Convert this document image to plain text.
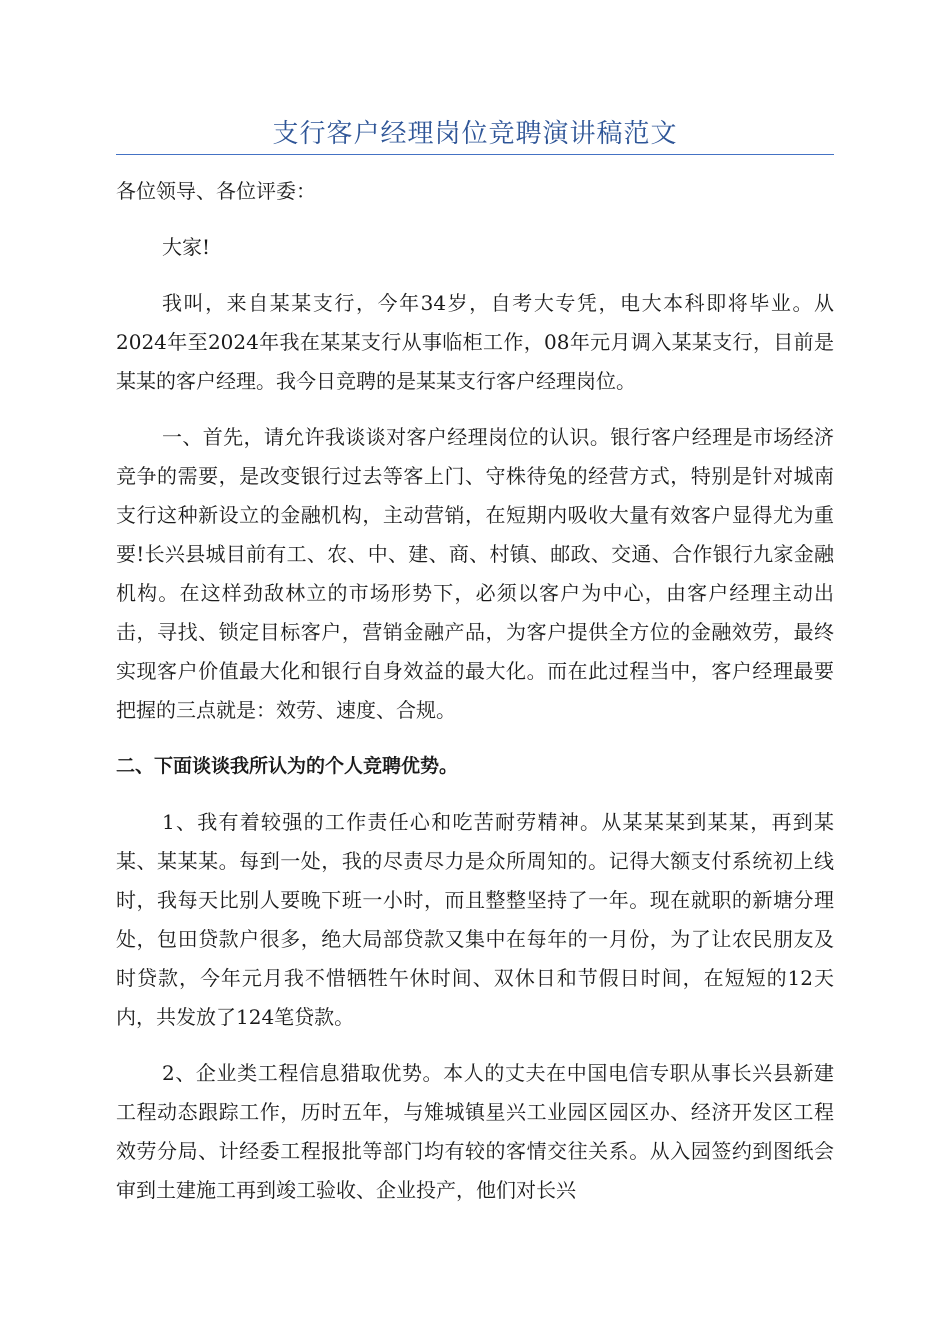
支行客户经理岗位竞聘演讲稿范文

各位领导、各位评委：

大家!

我叫，来自某某支行，今年34岁，自考大专凭，电大本科即将毕业。从2024年至2024年我在某某支行从事临柜工作，08年元月调入某某支行，目前是某某的客户经理。我今日竞聘的是某某支行客户经理岗位。

一、首先，请允许我谈谈对客户经理岗位的认识。银行客户经理是市场经济竞争的需要，是改变银行过去等客上门、守株待兔的经营方式，特别是针对城南支行这种新设立的金融机构，主动营销，在短期内吸收大量有效客户显得尤为重要!长兴县城目前有工、农、中、建、商、村镇、邮政、交通、合作银行九家金融机构。在这样劲敌林立的市场形势下，必须以客户为中心，由客户经理主动出击，寻找、锁定目标客户，营销金融产品，为客户提供全方位的金融效劳，最终实现客户价值最大化和银行自身效益的最大化。而在此过程当中，客户经理最要把握的三点就是：效劳、速度、合规。

二、下面谈谈我所认为的个人竞聘优势。

1、我有着较强的工作责任心和吃苦耐劳精神。从某某某到某某，再到某某、某某某。每到一处，我的尽责尽力是众所周知的。记得大额支付系统初上线时，我每天比别人要晚下班一小时，而且整整坚持了一年。现在就职的新塘分理处，包田贷款户很多，绝大局部贷款又集中在每年的一月份，为了让农民朋友及时贷款，今年元月我不惜牺牲午休时间、双休日和节假日时间，在短短的12天内，共发放了124笔贷款。

2、企业类工程信息猎取优势。本人的丈夫在中国电信专职从事长兴县新建工程动态跟踪工作，历时五年，与雉城镇星兴工业园区园区办、经济开发区工程效劳分局、计经委工程报批等部门均有较的客情交往关系。从入园签约到图纸会审到土建施工再到竣工验收、企业投产，他们对长兴
